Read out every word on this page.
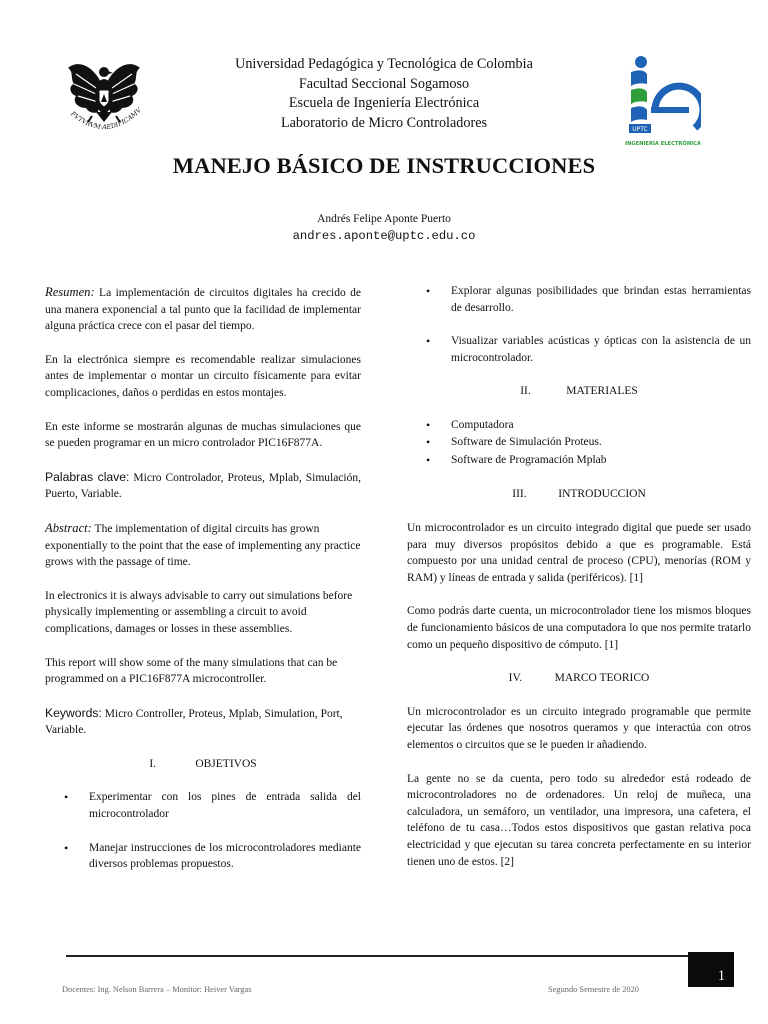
FVTVRVM·AEDIFICAMV
UPTC
INGENIERÍA ELECTRÓNICA
Universidad Pedagógica y Tecnológica de Colombia
Facultad Seccional Sogamoso
Escuela de Ingeniería Electrónica
Laboratorio de Micro Controladores
MANEJO BÁSICO DE INSTRUCCIONES
Andrés Felipe Aponte Puerto
andres.aponte@uptc.edu.co

Resumen: La implementación de circuitos digitales ha crecido de una manera exponencial a tal punto que la facilidad de implementar alguna práctica crece con el pasar del tiempo.

En la electrónica siempre es recomendable realizar simulaciones antes de implementar o montar un circuito físicamente para evitar complicaciones, daños o perdidas en estos montajes.

En este informe se mostrarán algunas de muchas simulaciones que se pueden programar en un micro controlador PIC16F877A.

Palabras clave: Micro Controlador, Proteus, Mplab, Simulación, Puerto, Variable.

Abstract: The implementation of digital circuits has grown exponentially to the point that the ease of implementing any practice grows with the passage of time.

In electronics it is always advisable to carry out simulations before physically implementing or assembling a circuit to avoid complications, damages or losses in these assemblies.

This report will show some of the many simulations that can be programmed on a PIC16F877A microcontroller.

Keywords: Micro Controller, Proteus, Mplab, Simulation, Port, Variable.

I.	OBJETIVOS

• Experimentar con los pines de entrada salida del microcontrolador
• Manejar instrucciones de los microcontroladores mediante diversos problemas propuestos.
• Explorar algunas posibilidades que brindan estas herramientas de desarrollo.
• Visualizar variables acústicas y ópticas con la asistencia de un microcontrolador.

II.	MATERIALES

• Computadora
• Software de Simulación Proteus.
• Software de Programación Mplab

III.	INTRODUCCION

Un microcontrolador es un circuito integrado digital que puede ser usado para muy diversos propósitos debido a que es programable. Está compuesto por una unidad central de proceso (CPU), menorías (ROM y RAM) y líneas de entrada y salida (periféricos). [1]

Como podrás darte cuenta, un microcontrolador tiene los mismos bloques de funcionamiento básicos de una computadora lo que nos permite tratarlo como un pequeño dispositivo de cómputo. [1]

IV.	MARCO TEORICO

Un microcontrolador es un circuito integrado programable que permite ejecutar las órdenes que nosotros queramos y que interactúa con otros elementos o circuitos que se le pueden ir añadiendo.

La gente no se da cuenta, pero todo su alrededor está rodeado de microcontroladores no de ordenadores. Un reloj de muñeca, una calculadora, un semáforo, un ventilador, una impresora, una cafetera, el teléfono de tu casa…Todos estos dispositivos que gastan relativa poca electricidad y que ejecutan su tarea concreta perfectamente en su interior tienen uno de estos. [2]

1
Docentes: Ing. Nelson Barrera – Monitor: Heiver Vargas	Segundo Semestre de 2020
